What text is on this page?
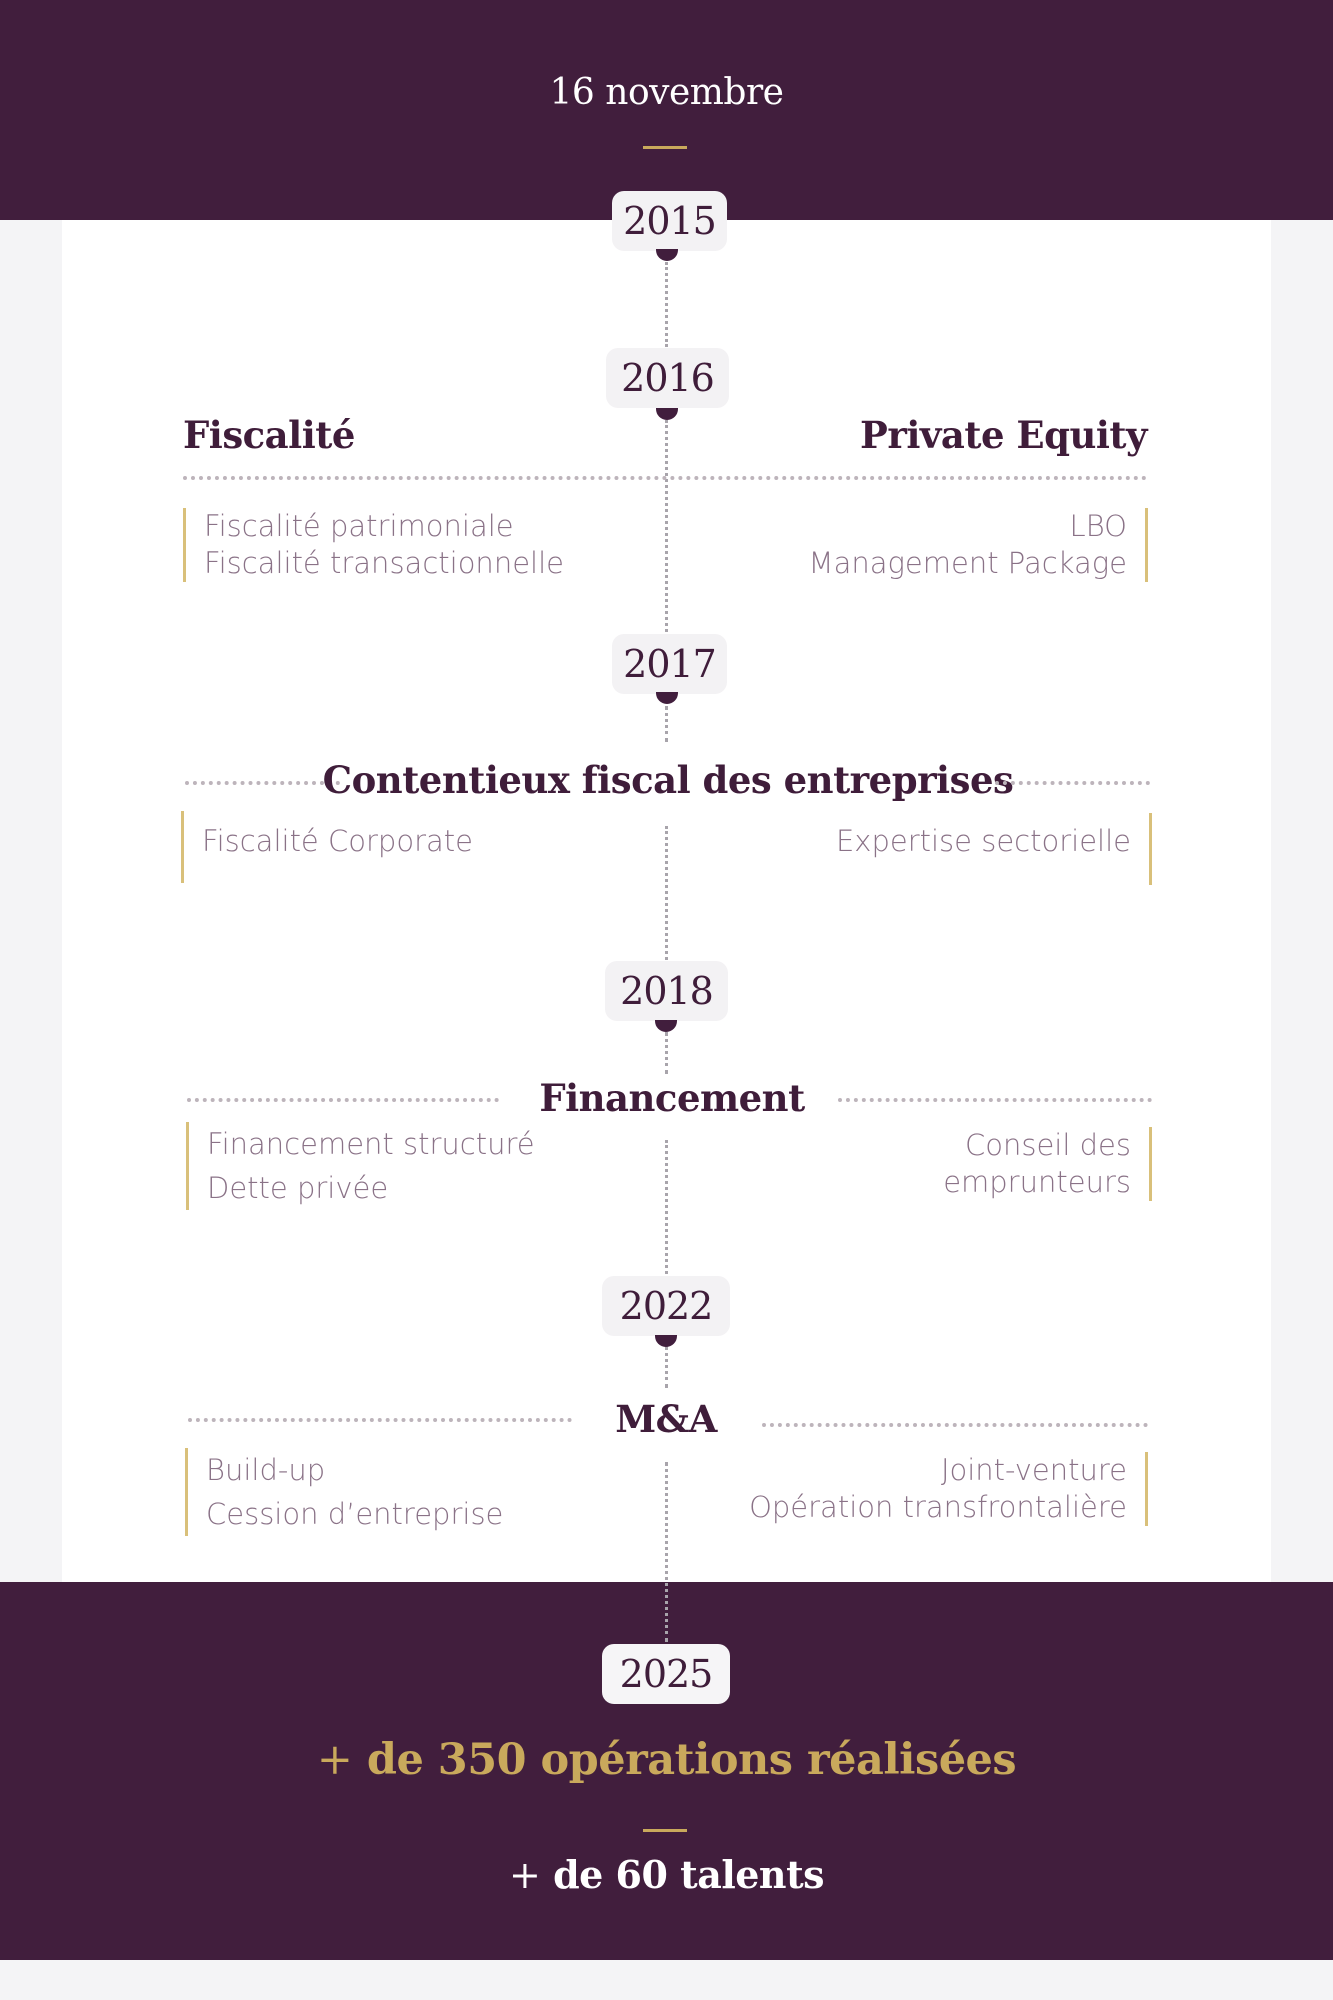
16 novembre
2015
2016
Fiscalité	Private Equity
Fiscalité patrimoniale
Fiscalité transactionnelle
LBO
Management Package
2017
Contentieux fiscal des entreprises
Fiscalité Corporate	Expertise sectorielle
2018
Financement
Financement structuré
Dette privée
Conseil des
emprunteurs
2022
M&A
Build-up
Cession d’entreprise
Joint-venture
Opération transfrontalière
2025
+ de 350 opérations réalisées
+ de 60 talents
